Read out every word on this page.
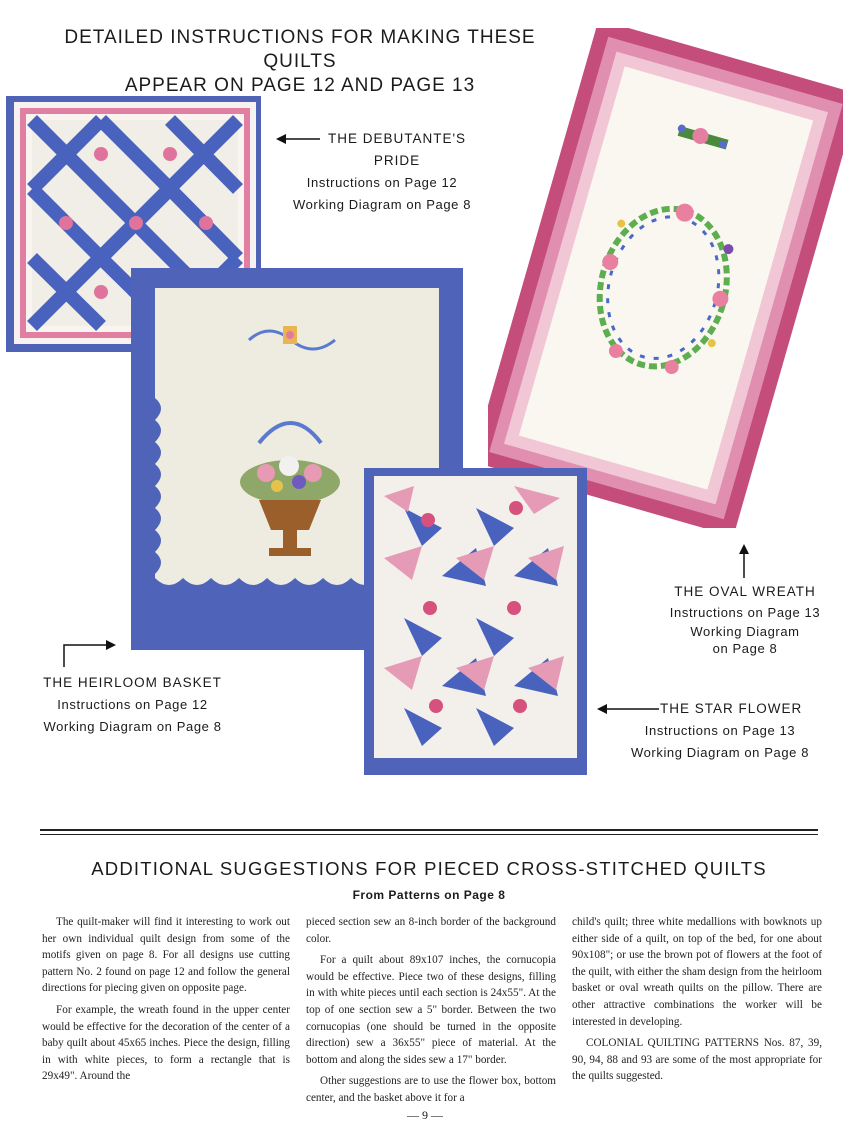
DETAILED INSTRUCTIONS FOR MAKING THESE QUILTS
APPEAR ON PAGE 12 AND PAGE 13
THE DEBUTANTE'S PRIDE
Instructions on Page 12
Working Diagram on Page 8
THE OVAL WREATH
Instructions on Page 13
Working Diagram
on Page 8
THE HEIRLOOM BASKET
Instructions on Page 12
Working Diagram on Page 8
THE STAR FLOWER
Instructions on Page 13
Working Diagram on Page 8
ADDITIONAL SUGGESTIONS FOR PIECED CROSS-STITCHED QUILTS
From Patterns on Page 8

The quilt-maker will find it interesting to work out her own individual quilt design from some of the motifs given on page 8. For all designs use cutting pattern No. 2 found on page 12 and follow the general directions for piecing given on opposite page.

For example, the wreath found in the upper center would be effective for the decoration of the center of a baby quilt about 45x65 inches. Piece the design, filling in with white pieces, to form a rectangle that is 29x49". Around the

pieced section sew an 8-inch border of the background color.

For a quilt about 89x107 inches, the cornucopia would be effective. Piece two of these designs, filling in with white pieces until each section is 24x55". At the top of one section sew a 5" border. Between the two cornucopias (one should be turned in the opposite direction) sew a 36x55" piece of material. At the bottom and along the sides sew a 17" border.

Other suggestions are to use the flower box, bottom center, and the basket above it for a

child's quilt; three white medallions with bowknots up either side of a quilt, on top of the bed, for one about 90x108"; or use the brown pot of flowers at the foot of the quilt, with either the sham design from the heirloom basket or oval wreath quilts on the pillow. There are other attractive combinations the worker will be interested in developing.

COLONIAL QUILTING PATTERNS Nos. 87, 39, 90, 94, 88 and 93 are some of the most appropriate for the quilts suggested.

— 9 —
